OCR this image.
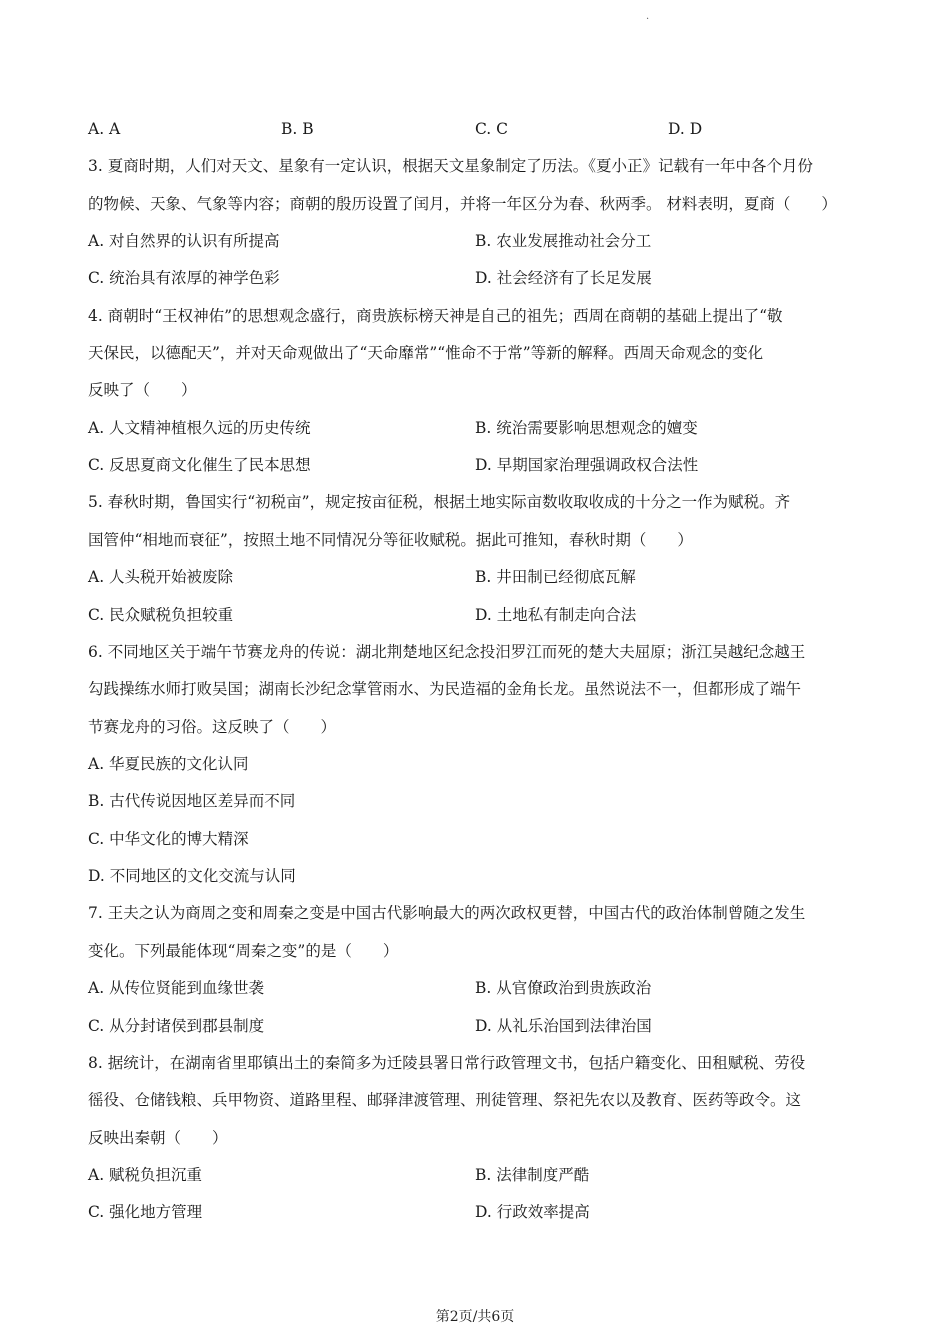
·
A. A	B. B	C. C	D. D
3. 夏商时期，人们对天文、星象有一定认识，根据天文星象制定了历法。《夏小正》记载有一年中各个月份
的物候、天象、气象等内容；商朝的殷历设置了闰月，并将一年区分为春、秋两季。 材料表明，夏商（　　）
A. 对自然界的认识有所提高	B. 农业发展推动社会分工
C. 统治具有浓厚的神学色彩	D. 社会经济有了长足发展
4. 商朝时“王权神佑”的思想观念盛行，商贵族标榜天神是自己的祖先；西周在商朝的基础上提出了“敬
天保民，以德配天”，并对天命观做出了“天命靡常”“惟命不于常”等新的解释。西周天命观念的变化
反映了（　　）
A. 人文精神植根久远的历史传统	B. 统治需要影响思想观念的嬗变
C. 反思夏商文化催生了民本思想	D. 早期国家治理强调政权合法性
5. 春秋时期，鲁国实行“初税亩”，规定按亩征税，根据土地实际亩数收取收成的十分之一作为赋税。齐
国管仲“相地而衰征”，按照土地不同情况分等征收赋税。据此可推知，春秋时期（　　）
A. 人头税开始被废除	B. 井田制已经彻底瓦解
C. 民众赋税负担较重	D. 土地私有制走向合法
6. 不同地区关于端午节赛龙舟的传说：湖北荆楚地区纪念投汨罗江而死的楚大夫屈原；浙江吴越纪念越王
勾践操练水师打败吴国；湖南长沙纪念掌管雨水、为民造福的金角长龙。虽然说法不一，但都形成了端午
节赛龙舟的习俗。这反映了（　　）
A. 华夏民族的文化认同
B. 古代传说因地区差异而不同
C. 中华文化的博大精深
D. 不同地区的文化交流与认同
7. 王夫之认为商周之变和周秦之变是中国古代影响最大的两次政权更替，中国古代的政治体制曾随之发生
变化。下列最能体现“周秦之变”的是（　　）
A. 从传位贤能到血缘世袭	B. 从官僚政治到贵族政治
C. 从分封诸侯到郡县制度	D. 从礼乐治国到法律治国
8. 据统计，在湖南省里耶镇出土的秦简多为迁陵县署日常行政管理文书，包括户籍变化、田租赋税、劳役
徭役、仓储钱粮、兵甲物资、道路里程、邮驿津渡管理、刑徒管理、祭祀先农以及教育、医药等政令。这
反映出秦朝（　　）
A. 赋税负担沉重	B. 法律制度严酷
C. 强化地方管理	D. 行政效率提高
第2页/共6页
